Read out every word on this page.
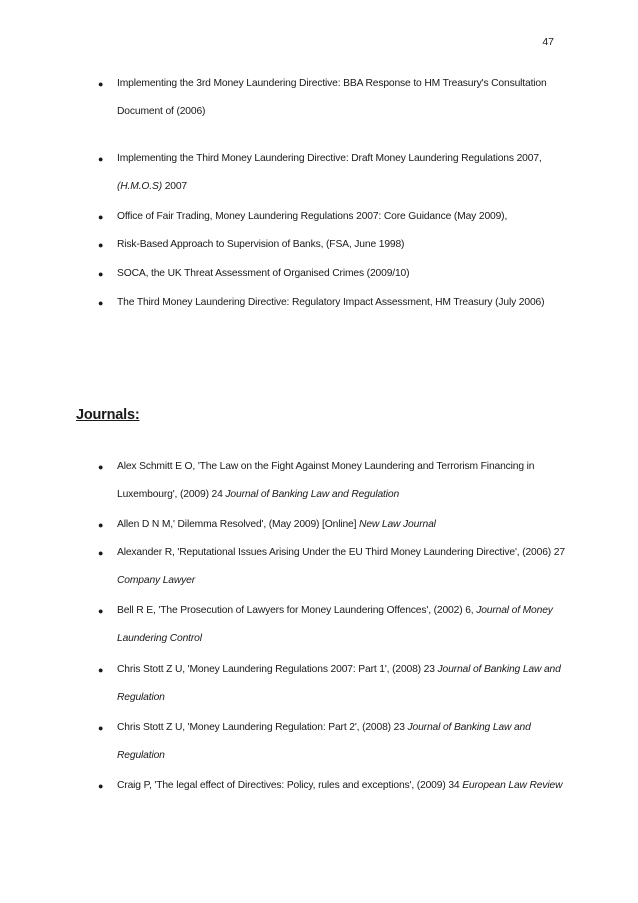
47
● Implementing the 3rd Money Laundering Directive: BBA Response to HM Treasury's Consultation Document of (2006)
● Implementing the Third Money Laundering Directive: Draft Money Laundering Regulations 2007, (H.M.O.S) 2007
● Office of Fair Trading, Money Laundering Regulations 2007: Core Guidance (May 2009),
● Risk-Based Approach to Supervision of Banks, (FSA, June 1998)
● SOCA, the UK Threat Assessment of Organised Crimes (2009/10)
● The Third Money Laundering Directive: Regulatory Impact Assessment, HM Treasury (July 2006)
Journals:
● Alex Schmitt E O, 'The Law on the Fight Against Money Laundering and Terrorism Financing in Luxembourg', (2009) 24 Journal of Banking Law and Regulation
● Allen D N M,' Dilemma Resolved', (May 2009) [Online] New Law Journal
● Alexander R, 'Reputational Issues Arising Under the EU Third Money Laundering Directive', (2006) 27 Company Lawyer
● Bell R E, 'The Prosecution of Lawyers for Money Laundering Offences', (2002) 6, Journal of Money Laundering Control
● Chris Stott Z U, 'Money Laundering Regulations 2007: Part 1', (2008) 23 Journal of Banking Law and Regulation
● Chris Stott Z U, 'Money Laundering Regulation: Part 2', (2008) 23 Journal of Banking Law and Regulation
● Craig P, 'The legal effect of Directives: Policy, rules and exceptions', (2009) 34 European Law Review
